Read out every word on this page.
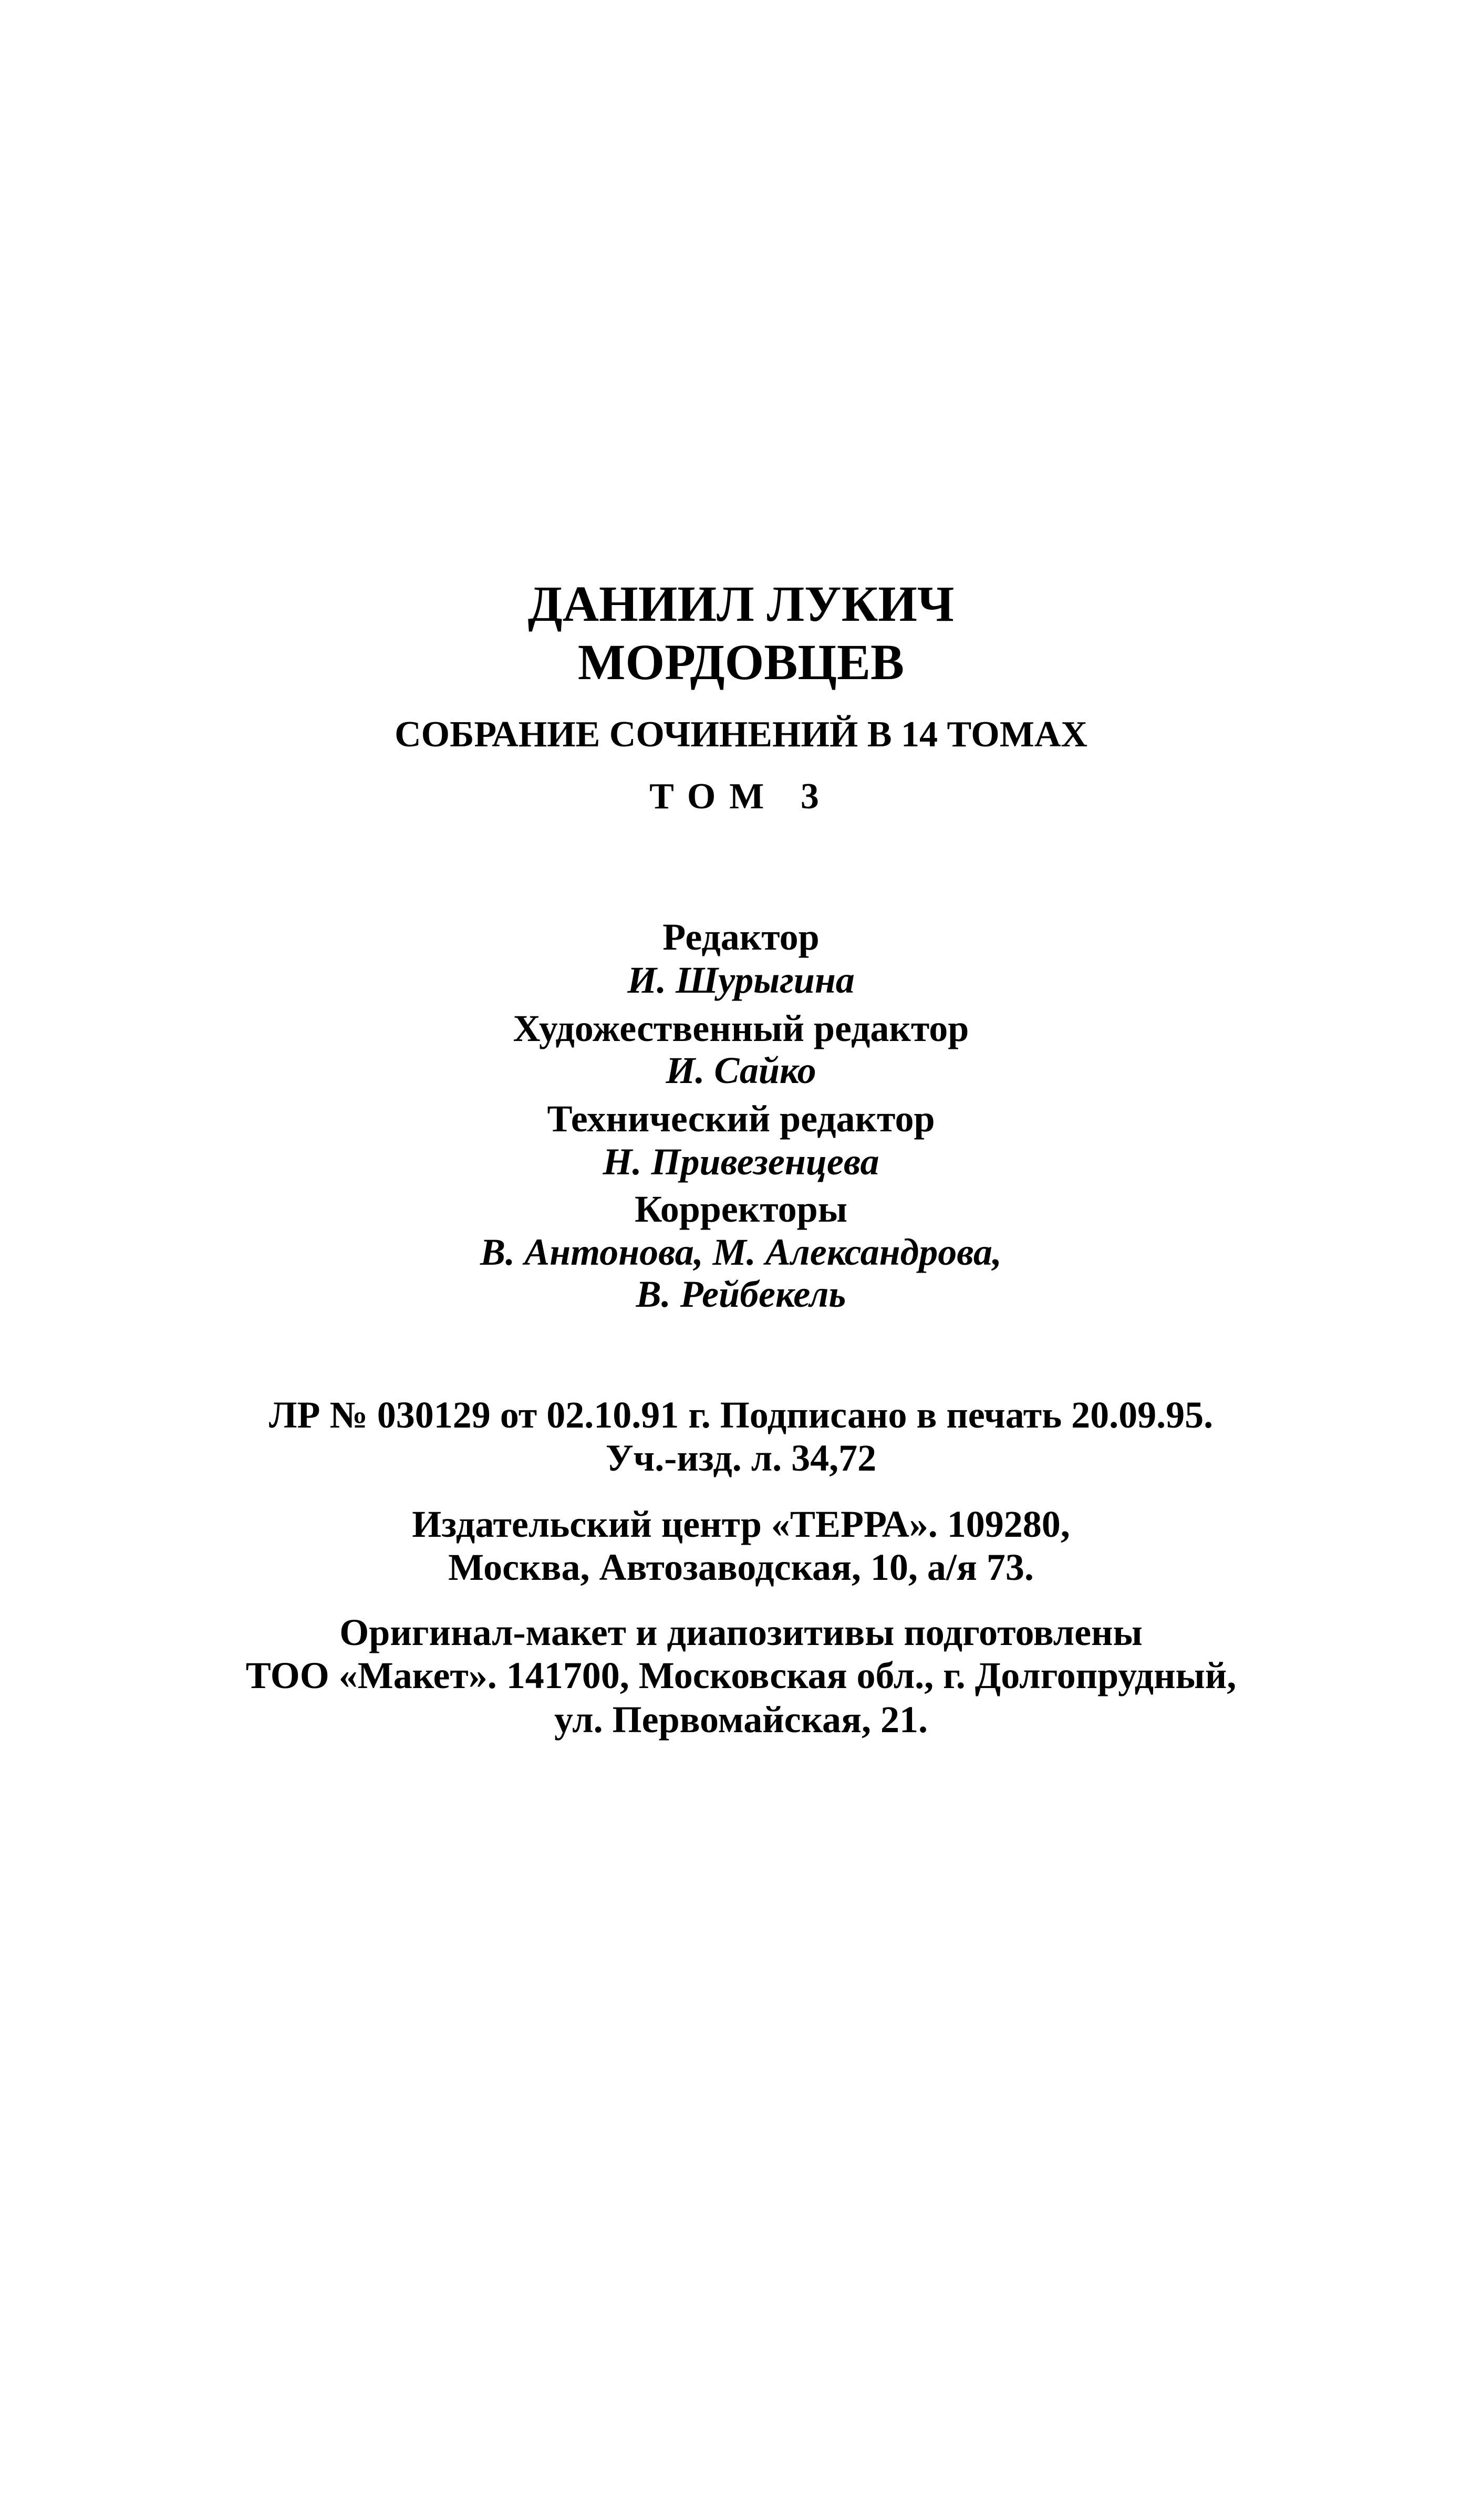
ДАНИИЛ ЛУКИЧ
МОРДОВЦЕВ
СОБРАНИЕ СОЧИНЕНИЙ В 14 ТОМАХ
ТОМ 3
Редактор
И. Шурыгина
Художественный редактор
И. Сайко
Технический редактор
Н. Привезенцева
Корректоры
В. Антонова, М. Александрова,
В. Рейбекель
ЛР № 030129 от 02.10.91 г. Подписано в печать 20.09.95.
Уч.-изд. л. 34,72
Издательский центр «ТЕРРА». 109280,
Москва, Автозаводская, 10, а/я 73.
Оригинал-макет и диапозитивы подготовлены
ТОО «Макет». 141700, Московская обл., г. Долгопрудный,
ул. Первомайская, 21.
